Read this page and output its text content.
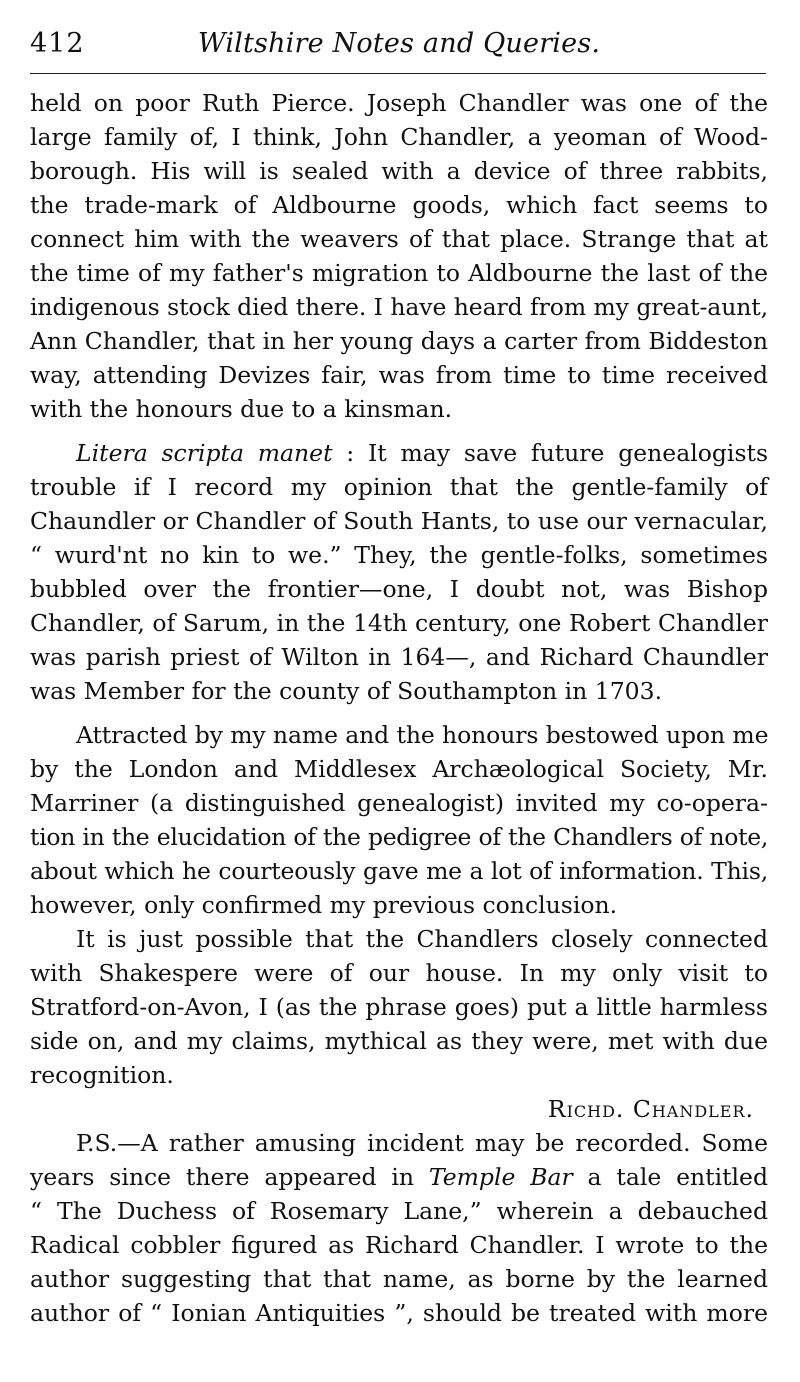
412	Wiltshire Notes and Queries.

held on poor Ruth Pierce. Joseph Chandler was one of the
large family of, I think, John Chandler, a yeoman of Wood-
borough. His will is sealed with a device of three rabbits,
the trade-mark of Aldbourne goods, which fact seems to
connect him with the weavers of that place. Strange that at
the time of my father's migration to Aldbourne the last of the
indigenous stock died there. I have heard from my great-aunt,
Ann Chandler, that in her young days a carter from Biddeston
way, attending Devizes fair, was from time to time received
with the honours due to a kinsman.

Litera scripta manet : It may save future genealogists
trouble if I record my opinion that the gentle-family of
Chaundler or Chandler of South Hants, to use our vernacular,
“ wurd'nt no kin to we.” They, the gentle-folks, sometimes
bubbled over the frontier—one, I doubt not, was Bishop
Chandler, of Sarum, in the 14th century, one Robert Chandler
was parish priest of Wilton in 164—, and Richard Chaundler
was Member for the county of Southampton in 1703.

Attracted by my name and the honours bestowed upon me
by the London and Middlesex Archæological Society, Mr.
Marriner (a distinguished genealogist) invited my co-opera-
tion in the elucidation of the pedigree of the Chandlers of note,
about which he courteously gave me a lot of information. This,
however, only confirmed my previous conclusion.

It is just possible that the Chandlers closely connected
with Shakespere were of our house. In my only visit to
Stratford-on-Avon, I (as the phrase goes) put a little harmless
side on, and my claims, mythical as they were, met with due
recognition.

Richd. Chandler.

P.S.—A rather amusing incident may be recorded. Some
years since there appeared in Temple Bar a tale entitled
“ The Duchess of Rosemary Lane,” wherein a debauched
Radical cobbler figured as Richard Chandler. I wrote to the
author suggesting that that name, as borne by the learned
author of “ Ionian Antiquities ”, should be treated with more
